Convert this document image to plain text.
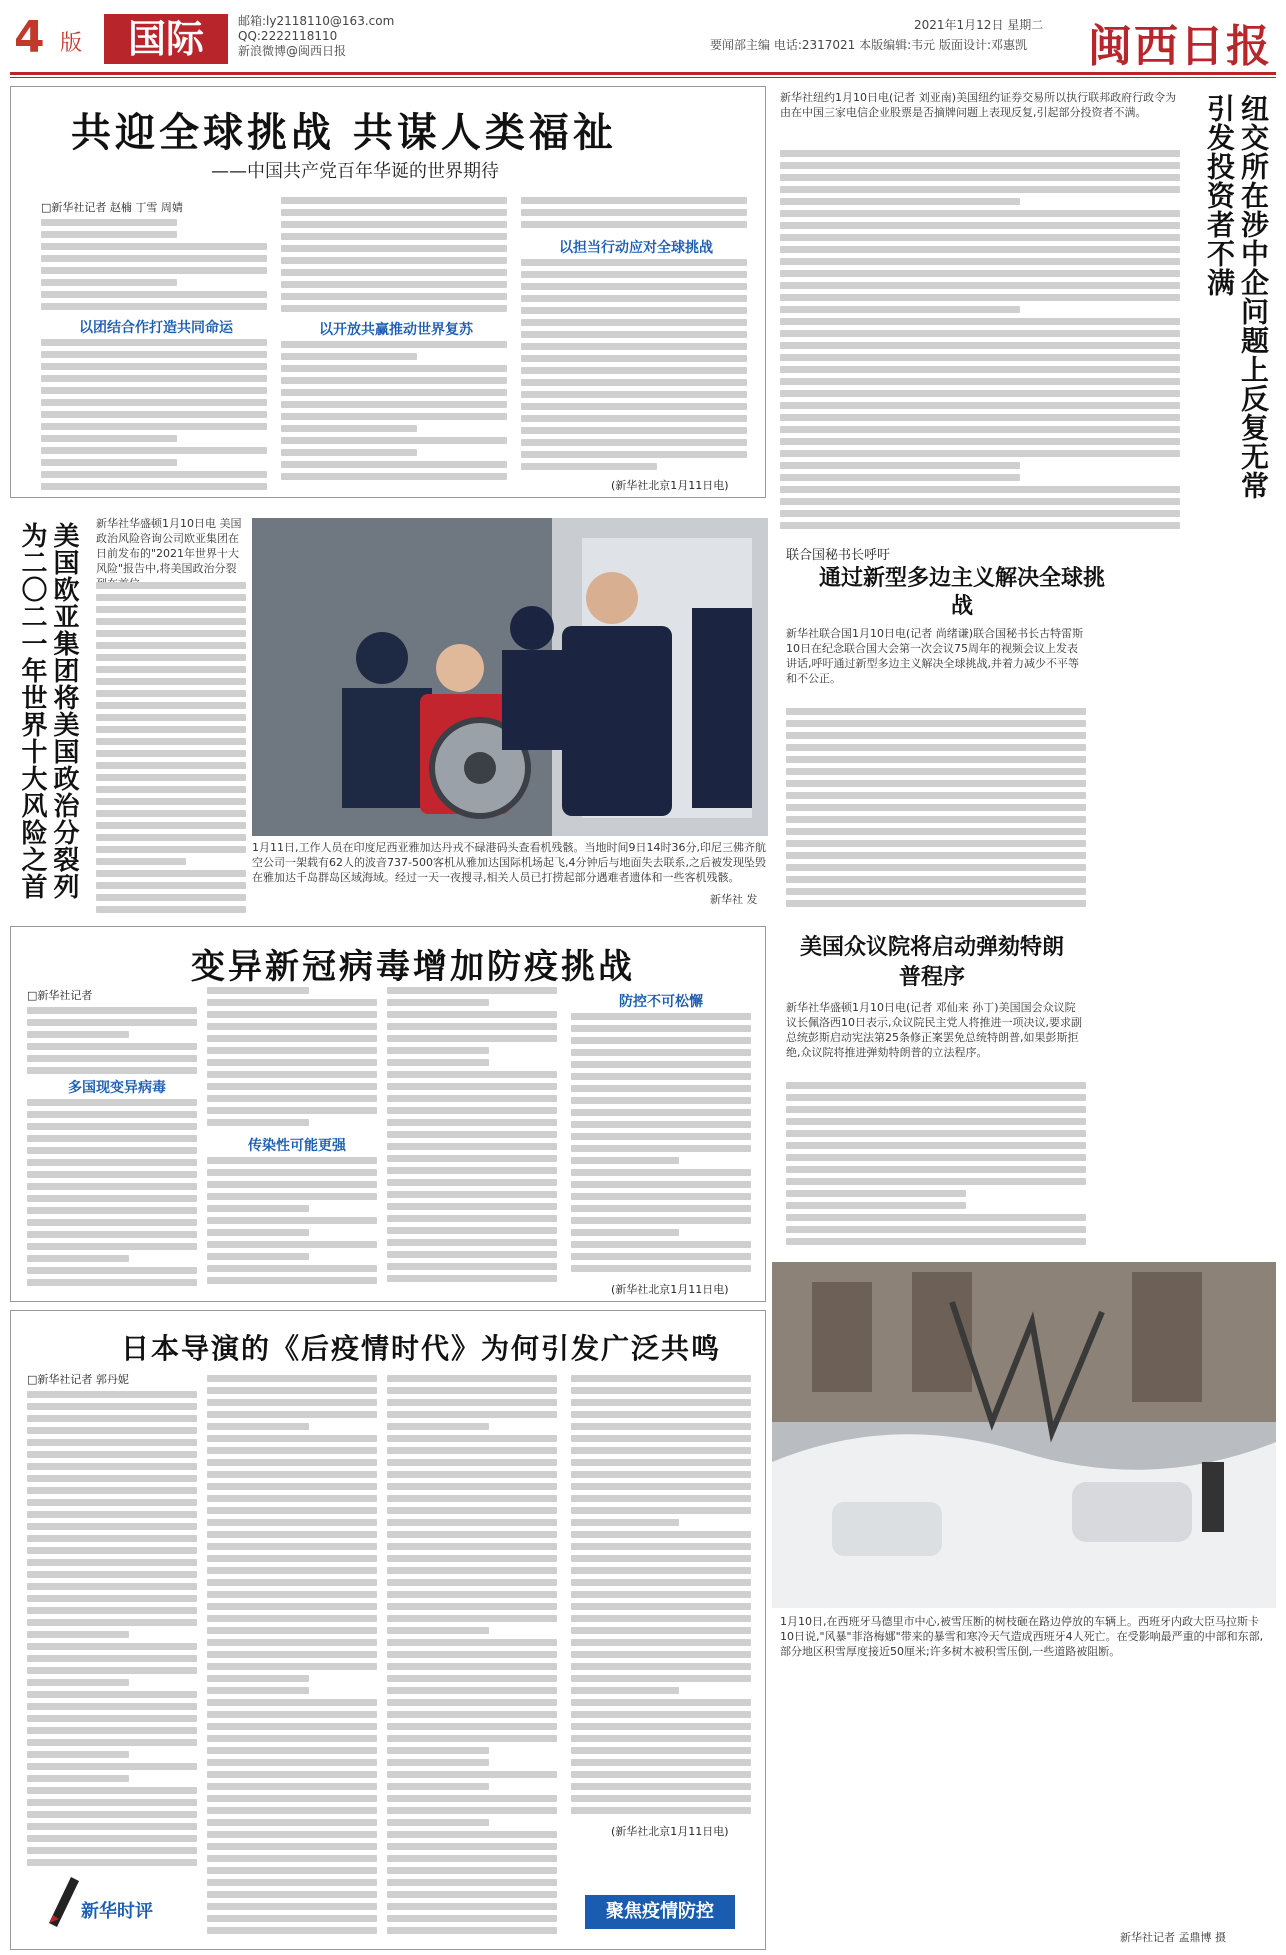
4 版	国际	邮箱:ly2118110@163.com
QQ:2222118110
新浪微博@闽西日报	要闻部主编 电话:2317021 本版编辑:韦元 版面设计:邓惠凯
2021年1月12日 星期二 闽西日报
共迎全球挑战 共谋人类福祉
——中国共产党百年华诞的世界期待
□新华社记者 赵楠 丁雪 周婧
以团结合作打造共同命运	以开放共赢推动世界复苏
以担当行动应对全球挑战
(新华社北京1月11日电)	纽交所在涉中企问题上反复无常引发投资者不满
新华社纽约1月10日电(记者 刘亚南)美国纽约证券交易所以执行联邦政府行政令为由在中国三家电信企业股票是否摘牌问题上表现反复,引起部分投资者不满。
美国欧亚集团将美国政治分裂列为二〇二一年世界十大风险之首	新华社华盛顿1月10日电 美国政治风险咨询公司欧亚集团在日前发布的"2021年世界十大风险"报告中,将美国政治分裂
1月11日,工作人员在印度尼西亚雅加达丹戎不碌港码头查看机残骸。当地时间9日14时36分,印尼三佛齐航空公司一架载有62人的波音737-500客机从雅加达国际机场起飞,4分钟后与地面失去联系,之后被发现坠毁在雅加达千岛群岛区域海域。经过一天一夜搜寻,相关人员已打捞起部分遇难者遗体和一些客机残骸。
新华社 发
联合国秘书长呼吁
通过新型多边主义解决全球挑战
新华社联合国1月10日电(记者 尚绪谦)联合国秘书长古特雷斯10日在纪念联合国大会第一次会议75周年的视频会议上发表讲话,呼吁通过新型多边主义解决全球挑战,并着力减少不平等和不公正。
变异新冠病毒增加防疫挑战
□新华社记者
多国现变异病毒
传染性可能更强
防控不可松懈
(新华社北京1月11日电)
美国众议院将启动弹劾特朗普程序
新华社华盛顿1月10日电(记者 邓仙来 孙丁)美国国会众议院议长佩洛西10日表示,众议院民主党人将推进一项决议,要求副总统彭斯启动宪法第25条修正案罢免总统特朗普,如果彭斯拒绝,众议院将推进弹劾特朗普的立法程序。
日本导演的《后疫情时代》为何引发广泛共鸣
□新华社记者 郭丹妮
(新华社北京1月11日电)
新华时评	聚焦疫情防控
1月10日,在西班牙马德里市中心,被雪压断的树枝砸在路边停放的车辆上。西班牙内政大臣马拉斯卡10日说,"风暴"菲洛梅娜"带来的暴雪和寒冷天气造成西班牙4人死亡。在受影响最严重的中部和东部,部分地区积雪厚度接近50厘米;许多树木被积雪压倒,一些道路被阻断。
新华社记者 孟鼎博 摄
